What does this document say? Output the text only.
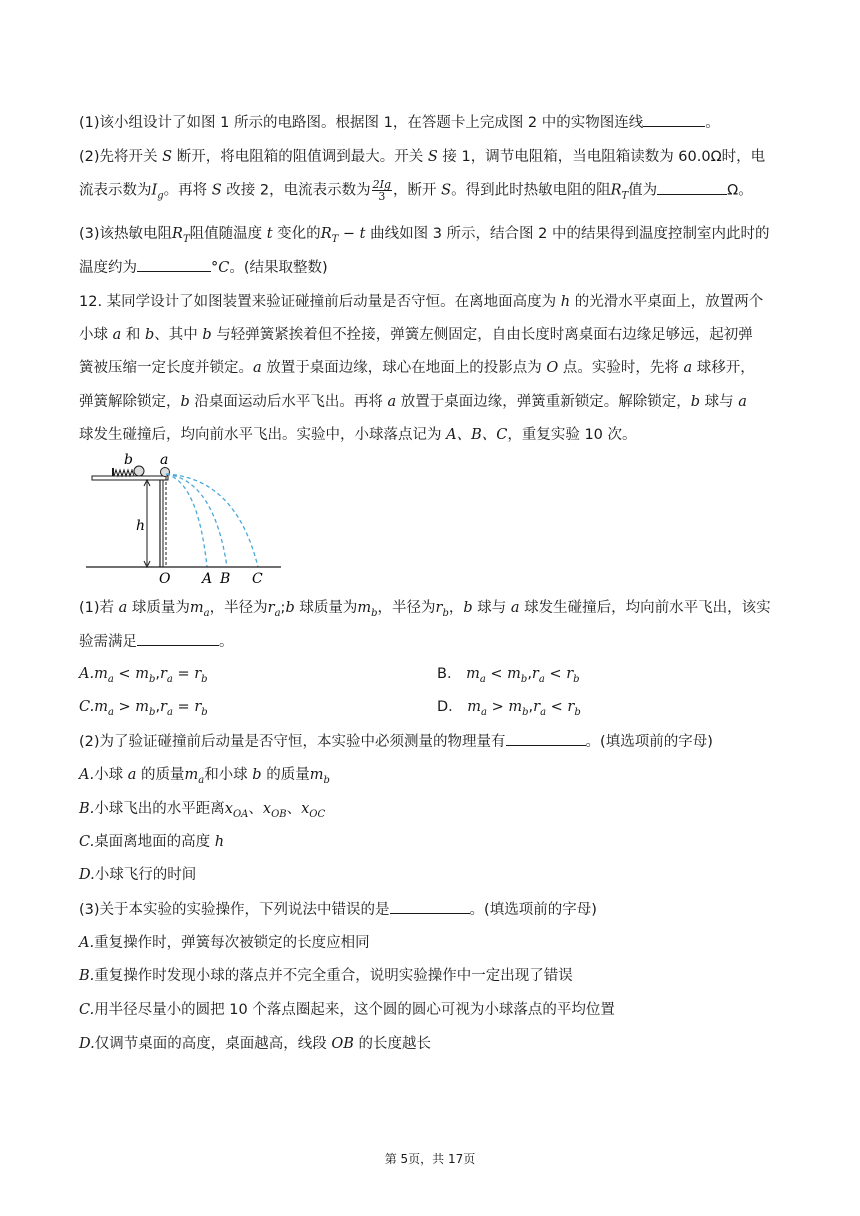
(1)该小组设计了如图 1 所示的电路图。根据图 1，在答题卡上完成图 2 中的实物图连线	。
(2)先将开关 S 断开，将电阻箱的阻值调到最大。开关 S 接 1，调节电阻箱，当电阻箱读数为 60.0Ω时，电
流表示数为$I_g$。再将 S 改接 2，电流表示数为 $\frac{2Ig}{3}$ ，断开 S。得到此时热敏电阻的阻$R_T$值为	Ω。
(3)该热敏电阻$R_T$阻值随温度 t 变化的$R_T - t$ 曲线如图 3 所示，结合图 2 中的结果得到温度控制室内此时的
温度约为	°C。(结果取整数)
12. 某同学设计了如图装置来验证碰撞前后动量是否守恒。在离地面高度为 h 的光滑水平桌面上，放置两个
小球 a 和 b、其中 b 与轻弹簧紧挨着但不拴接，弹簧左侧固定，自由长度时离桌面右边缘足够远，起初弹
簧被压缩一定长度并锁定。a 放置于桌面边缘，球心在地面上的投影点为 O 点。实验时，先将 a 球移开，
弹簧解除锁定，b 沿桌面运动后水平飞出。再将 a 放置于桌面边缘，弹簧重新锁定。解除锁定，b 球与 a
球发生碰撞后，均向前水平飞出。实验中，小球落点记为 A、B、C，重复实验 10 次。
b a
h
O A B C
(1)若 a 球质量为$m_a$，半径为$r_a;b$ 球质量为$m_b$，半径为$r_b$，b 球与 a 球发生碰撞后，均向前水平飞出，该实
验需满足	。
$A.m_a < m_b,r_a = r_b$	B． $m_a < m_b,r_a < r_b$
$C.m_a > m_b,r_a = r_b$	D． $m_a > m_b,r_a < r_b$
(2)为了验证碰撞前后动量是否守恒，本实验中必须测量的物理量有	。(填选项前的字母)
A.小球 a 的质量$m_a$和小球 b 的质量$m_b$
B.小球飞出的水平距离$x_{OA}$、$x_{OB}$、$x_{OC}$
C.桌面离地面的高度 h
D.小球飞行的时间
(3)关于本实验的实验操作，下列说法中错误的是	。(填选项前的字母)
A.重复操作时，弹簧每次被锁定的长度应相同
B.重复操作时发现小球的落点并不完全重合，说明实验操作中一定出现了错误
C.用半径尽量小的圆把 10 个落点圈起来，这个圆的圆心可视为小球落点的平均位置
D.仅调节桌面的高度，桌面越高，线段 OB 的长度越长
第 5页，共 17页
